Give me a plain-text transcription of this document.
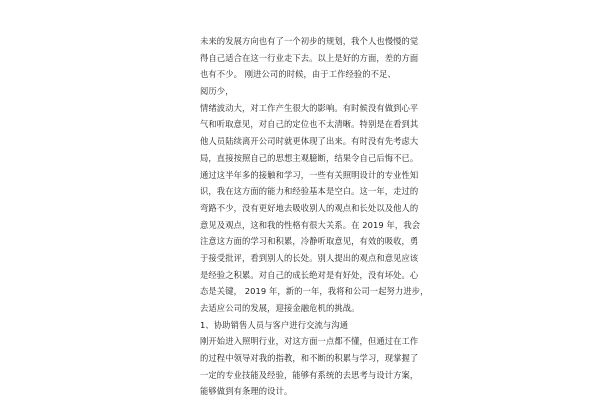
未来的发展方向也有了一个初步的规划，我个人也慢慢的觉
得自己适合在这一行业走下去。以上是好的方面，差的方面
也有不少。 刚进公司的时候，由于工作经验的不足、
阅历少，
情绪波动大，对工作产生很大的影响。有时候没有做到心平
气和听取意见，对自己的定位也不太清晰。特别是在看到其
他人员陆续离开公司时就更体现了出来。有时没有先考虑大
局，直接按照自己的思想主观臆断，结果令自己后悔不已。
通过这半年多的接触和学习，一些有关照明设计的专业性知
识，我在这方面的能力和经验基本是空白。这一年，走过的
弯路不少，没有更好地去吸收别人的观点和长处以及他人的
意见及观点，这和我的性格有很大关系。在 2019 年，我会
注意这方面的学习和积累，冷静听取意见，有效的吸收，勇
于接受批评，看到别人的长处。别人提出的观点和意见应该
是经验之积累。对自己的成长绝对是有好处，没有坏处。心
态是关键， 2019 年，新的一年，我将和公司一起努力进步，
去适应公司的发展，迎接金融危机的挑战。
1、协助销售人员与客户进行交流与沟通
刚开始进入照明行业，对这方面一点都不懂，但通过在工作
的过程中领导对我的指教，和不断的积累与学习，现掌握了
一定的专业技能及经验，能够有系统的去思考与设计方案，
能够做到有条理的设计。
